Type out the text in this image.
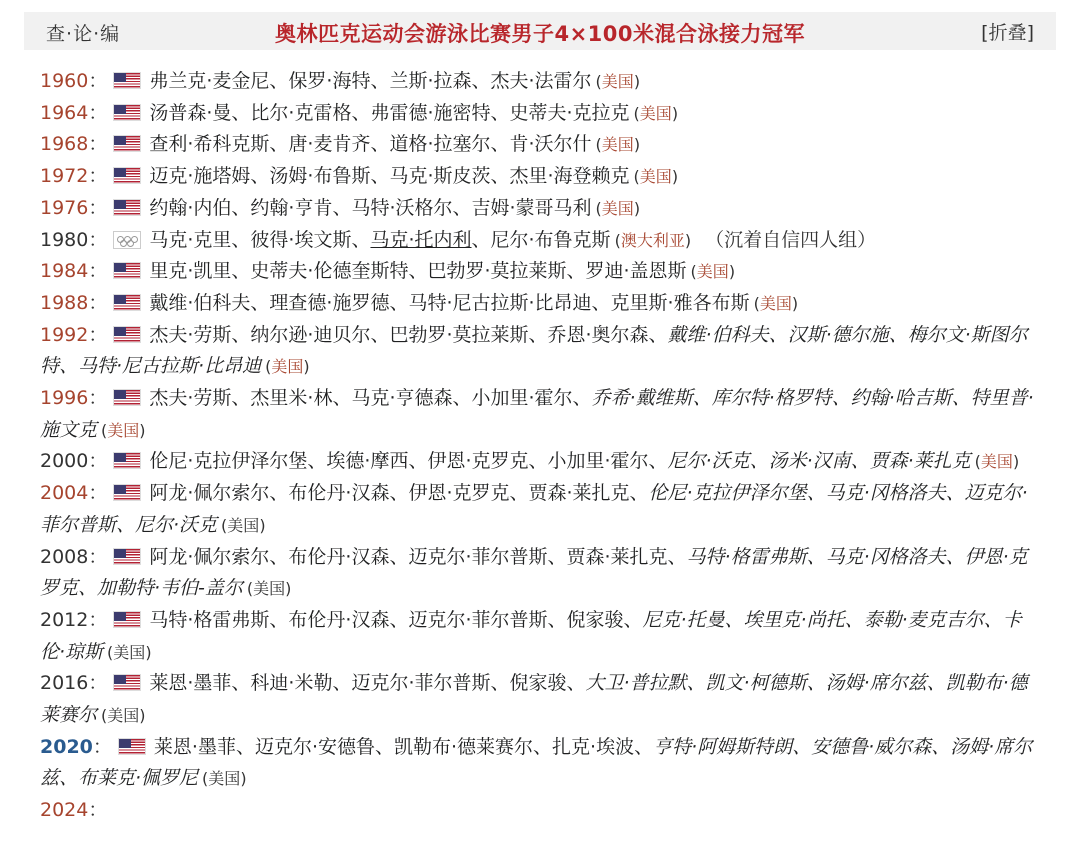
查·论·编	奥林匹克运动会游泳比赛男子4×100米混合泳接力冠军	[折叠]
1960： 弗兰克·麦金尼、保罗·海特、兰斯·拉森、杰夫·法雷尔 (美国)
1964： 汤普森·曼、比尔·克雷格、弗雷德·施密特、史蒂夫·克拉克 (美国)
1968： 查利·希科克斯、唐·麦肯齐、道格·拉塞尔、肯·沃尔什 (美国)
1972： 迈克·施塔姆、汤姆·布鲁斯、马克·斯皮茨、杰里·海登赖克 (美国)
1976： 约翰·内伯、约翰·亨肯、马特·沃格尔、吉姆·蒙哥马利 (美国)
1980： 马克·克里、彼得·埃文斯、马克·托内利、尼尔·布鲁克斯 (澳大利亚) （沉着自信四人组）
1984： 里克·凯里、史蒂夫·伦德奎斯特、巴勃罗·莫拉莱斯、罗迪·盖恩斯 (美国)
1988： 戴维·伯科夫、理查德·施罗德、马特·尼古拉斯·比昂迪、克里斯·雅各布斯 (美国)
1992： 杰夫·劳斯、纳尔逊·迪贝尔、巴勃罗·莫拉莱斯、乔恩·奥尔森、戴维·伯科夫、汉斯·德尔施、梅尔文·斯图尔特、马特·尼古拉斯·比昂迪 (美国)
1996： 杰夫·劳斯、杰里米·林、马克·亨德森、小加里·霍尔、乔希·戴维斯、库尔特·格罗特、约翰·哈吉斯、特里普·施文克 (美国)
2000： 伦尼·克拉伊泽尔堡、埃德·摩西、伊恩·克罗克、小加里·霍尔、尼尔·沃克、汤米·汉南、贾森·莱扎克 (美国)
2004： 阿龙·佩尔索尔、布伦丹·汉森、伊恩·克罗克、贾森·莱扎克、伦尼·克拉伊泽尔堡、马克·冈格洛夫、迈克尔·菲尔普斯、尼尔·沃克 (美国)
2008： 阿龙·佩尔索尔、布伦丹·汉森、迈克尔·菲尔普斯、贾森·莱扎克、马特·格雷弗斯、马克·冈格洛夫、伊恩·克罗克、加勒特·韦伯-盖尔 (美国)
2012： 马特·格雷弗斯、布伦丹·汉森、迈克尔·菲尔普斯、倪家骏、尼克·托曼、埃里克·尚托、泰勒·麦克吉尔、卡伦·琼斯 (美国)
2016： 莱恩·墨菲、科迪·米勒、迈克尔·菲尔普斯、倪家骏、大卫·普拉默、凯文·柯德斯、汤姆·席尔兹、凯勒布·德莱赛尔 (美国)
2020： 莱恩·墨菲、迈克尔·安德鲁、凯勒布·德莱赛尔、扎克·埃波、亨特·阿姆斯特朗、安德鲁·威尔森、汤姆·席尔兹、布莱克·佩罗尼 (美国)
2024：
